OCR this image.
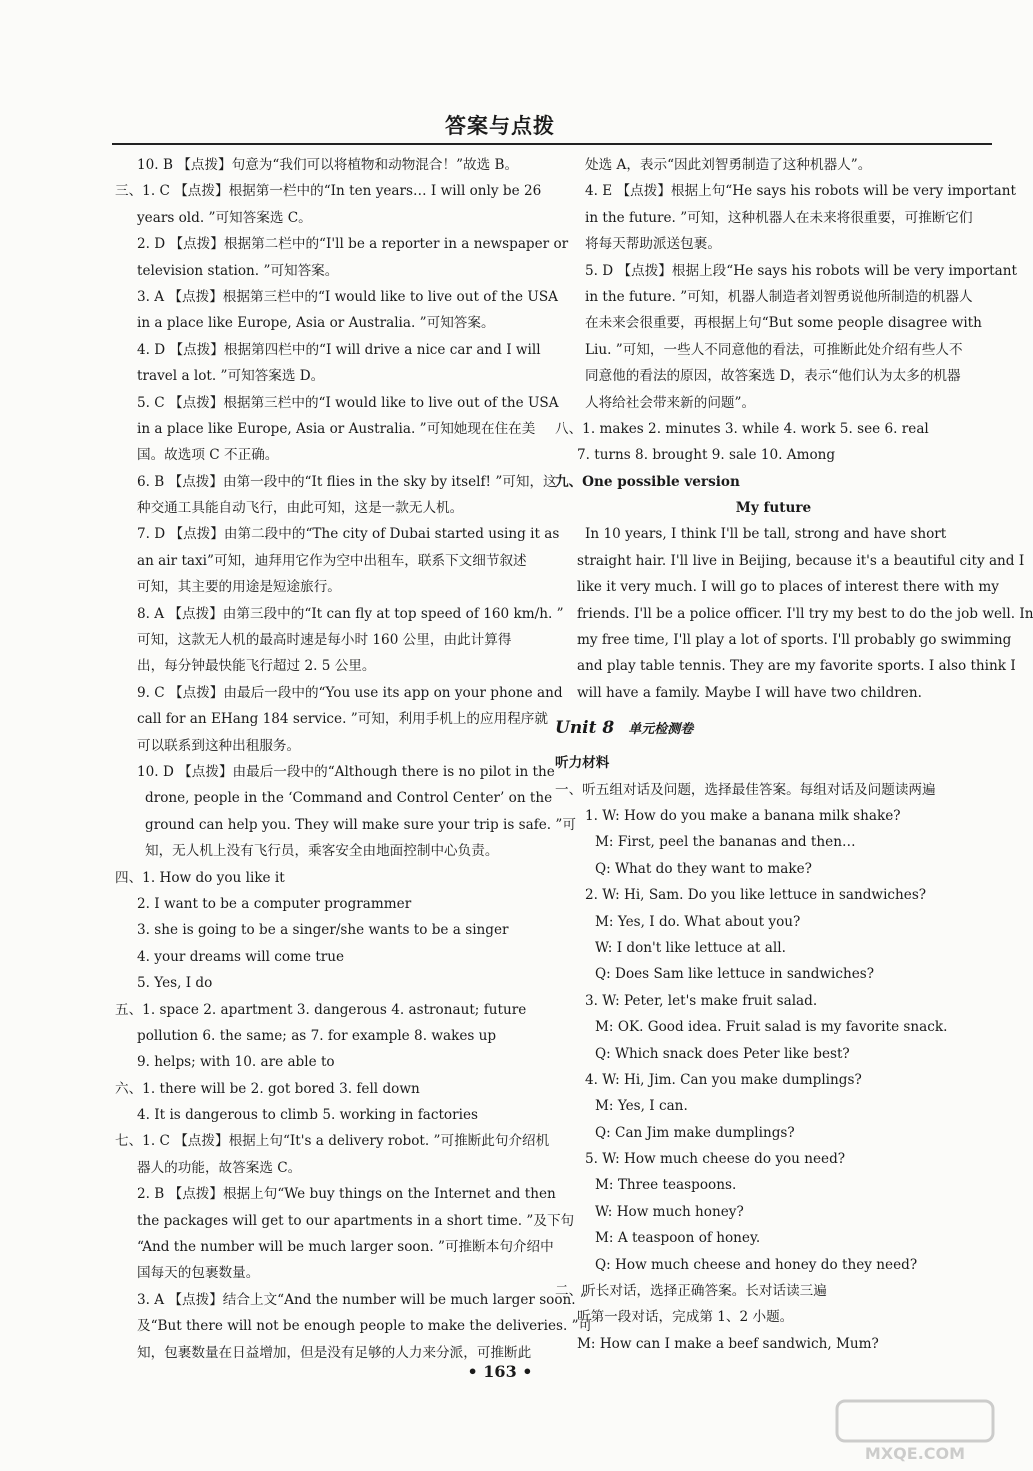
答案与点拨
10. B 【点拨】句意为“我们可以将植物和动物混合！”故选 B。
三、1. C 【点拨】根据第一栏中的“In ten years… I will only be 26
years old. ”可知答案选 C。
2. D 【点拨】根据第二栏中的“I'll be a reporter in a newspaper or
television station. ”可知答案。
3. A 【点拨】根据第三栏中的“I would like to live out of the USA
in a place like Europe, Asia or Australia. ”可知答案。
4. D 【点拨】根据第四栏中的“I will drive a nice car and I will
travel a lot. ”可知答案选 D。
5. C 【点拨】根据第三栏中的“I would like to live out of the USA
in a place like Europe, Asia or Australia. ”可知她现在住在美
国。故选项 C 不正确。
6. B 【点拨】由第一段中的“It flies in the sky by itself! ”可知，这
种交通工具能自动飞行，由此可知，这是一款无人机。
7. D 【点拨】由第二段中的“The city of Dubai started using it as
an air taxi”可知，迪拜用它作为空中出租车，联系下文细节叙述
可知，其主要的用途是短途旅行。
8. A 【点拨】由第三段中的“It can fly at top speed of 160 km/h. ”
可知，这款无人机的最高时速是每小时 160 公里，由此计算得
出，每分钟最快能飞行超过 2. 5 公里。
9. C 【点拨】由最后一段中的“You use its app on your phone and
call for an EHang 184 service. ”可知，利用手机上的应用程序就
可以联系到这种出租服务。
10. D 【点拨】由最后一段中的“Although there is no pilot in the
drone, people in the ‘Command and Control Center’ on the
ground can help you. They will make sure your trip is safe. ”可
知，无人机上没有飞行员，乘客安全由地面控制中心负责。
四、1. How do you like it
2. I want to be a computer programmer
3. she is going to be a singer/she wants to be a singer
4. your dreams will come true
5. Yes, I do
五、1. space 2. apartment 3. dangerous 4. astronaut; future
pollution 6. the same; as 7. for example 8. wakes up
9. helps; with 10. are able to
六、1. there will be 2. got bored 3. fell down
4. It is dangerous to climb 5. working in factories
七、1. C 【点拨】根据上句“It's a delivery robot. ”可推断此句介绍机
器人的功能，故答案选 C。
2. B 【点拨】根据上句“We buy things on the Internet and then
the packages will get to our apartments in a short time. ”及下句
“And the number will be much larger soon. ”可推断本句介绍中
国每天的包裹数量。
3. A 【点拨】结合上文“And the number will be much larger soon. ”
及“But there will not be enough people to make the deliveries. ”可
知，包裹数量在日益增加，但是没有足够的人力来分派，可推断此
处选 A，表示“因此刘智勇制造了这种机器人”。
4. E 【点拨】根据上句“He says his robots will be very important
in the future. ”可知，这种机器人在未来将很重要，可推断它们
将每天帮助派送包裹。
5. D 【点拨】根据上段“He says his robots will be very important
in the future. ”可知，机器人制造者刘智勇说他所制造的机器人
在未来会很重要，再根据上句“But some people disagree with
Liu. ”可知，一些人不同意他的看法，可推断此处介绍有些人不
同意他的看法的原因，故答案选 D，表示“他们认为太多的机器
人将给社会带来新的问题”。
八、1. makes 2. minutes 3. while 4. work 5. see 6. real
7. turns 8. brought 9. sale 10. Among
九、One possible version
My future
In 10 years, I think I'll be tall, strong and have short
straight hair. I'll live in Beijing, because it's a beautiful city and I
like it very much. I will go to places of interest there with my
friends. I'll be a police officer. I'll try my best to do the job well. In
my free time, I'll play a lot of sports. I'll probably go swimming
and play table tennis. They are my favorite sports. I also think I
will have a family. Maybe I will have two children.
Unit 8 单元检测卷
听力材料
一、听五组对话及问题，选择最佳答案。每组对话及问题读两遍
1. W: How do you make a banana milk shake?
M: First, peel the bananas and then…
Q: What do they want to make?
2. W: Hi, Sam. Do you like lettuce in sandwiches?
M: Yes, I do. What about you?
W: I don't like lettuce at all.
Q: Does Sam like lettuce in sandwiches?
3. W: Peter, let's make fruit salad.
M: OK. Good idea. Fruit salad is my favorite snack.
Q: Which snack does Peter like best?
4. W: Hi, Jim. Can you make dumplings?
M: Yes, I can.
Q: Can Jim make dumplings?
5. W: How much cheese do you need?
M: Three teaspoons.
W: How much honey?
M: A teaspoon of honey.
Q: How much cheese and honey do they need?
二、听长对话，选择正确答案。长对话读三遍
听第一段对话，完成第 1、2 小题。
M: How can I make a beef sandwich, Mum?
• 163 •
MXQE.COM
